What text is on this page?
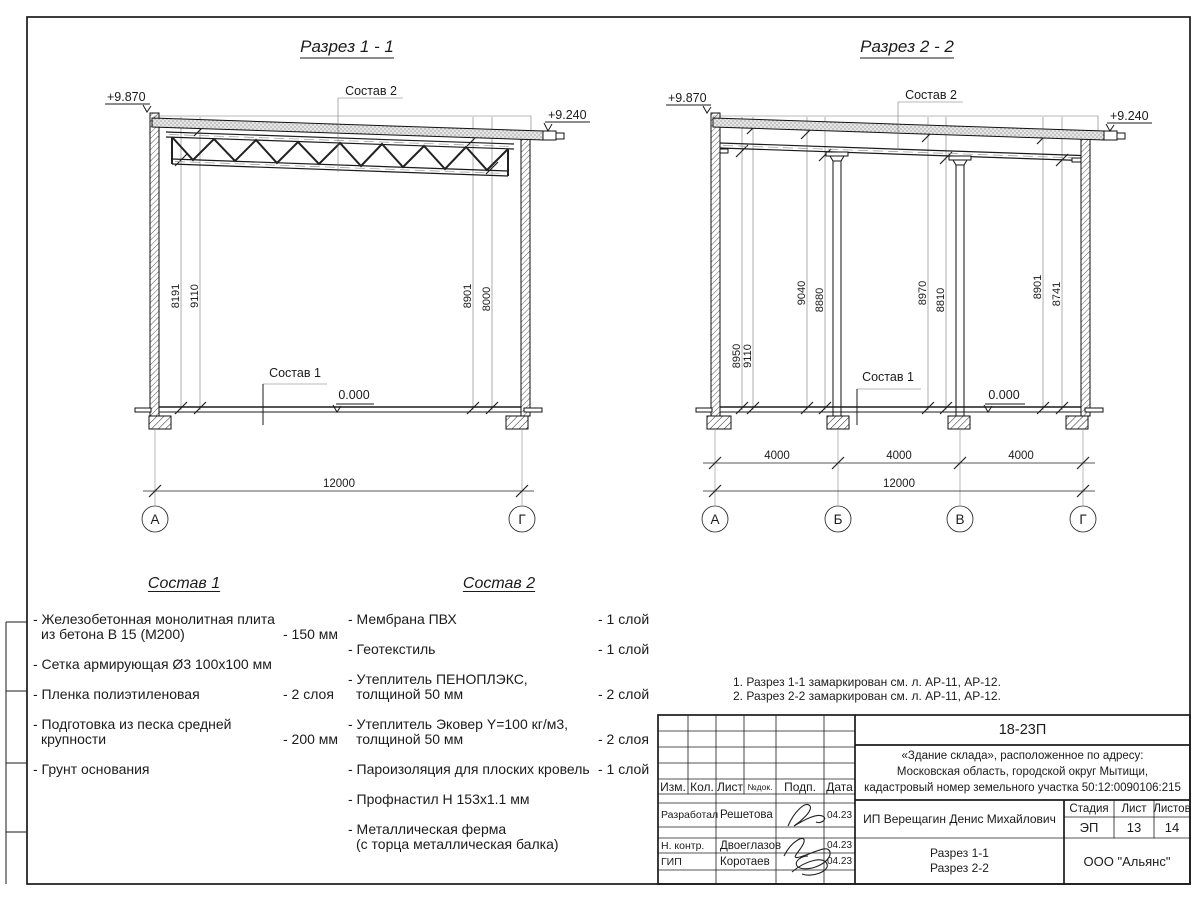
Разрез 1 - 1
Состав 2
Состав 1
0.000
+9.870
+9.240
8191 9110	8901 8000
12000
А	Г
Разрез 2 - 2
Состав 2
Состав 1
0.000
+9.870
+9.240
8950 9110
9040 8880	8970 8810
8901 8741
4000	4000	4000
12000
А	Б	В	Г
Состав 1
- Железобетонная монолитная плита
из бетона В 15 (М200)	- 150 мм
- Сетка армирующая Ø3 100х100 мм
- Пленка полиэтиленовая	- 2 слоя
- Подготовка из песка средней
крупности	- 200 мм
- Грунт основания
Состав 2
- Мембрана ПВХ	- 1 слой
- Геотекстиль	- 1 слой
- Утеплитель ПЕНОПЛЭКС,
толщиной 50 мм	- 2 слой
- Утеплитель Эковер Y=100 кг/м3,
толщиной 50 мм	- 2 слоя
- Пароизоляция для плоских кровель - 1 слой
- Профнастил Н 153х1.1 мм
- Металлическая ферма
(с торца металлическая балка)
1. Разрез 1-1 замаркирован см. л. АР-11, АР-12.
2. Разрез 2-2 замаркирован см. л. АР-11, АР-12.
Изм. Кол. Лист №док. Подп. Дата
Разработал Решетова	04.23
Н. контр.	Двоеглазов	04.23
ГИП	Коротаев	04.23
18-23П
«Здание склада», расположенное по адресу:
Московская область, городской округ Мытищи,
кадастровый номер земельного участка 50:12:0090106:215
ИП Верещагин Денис Михайлович
Стадия	Лист Листов
ЭП	13	14
Разрез 1-1
Разрез 2-2	ООО "Альянс"
